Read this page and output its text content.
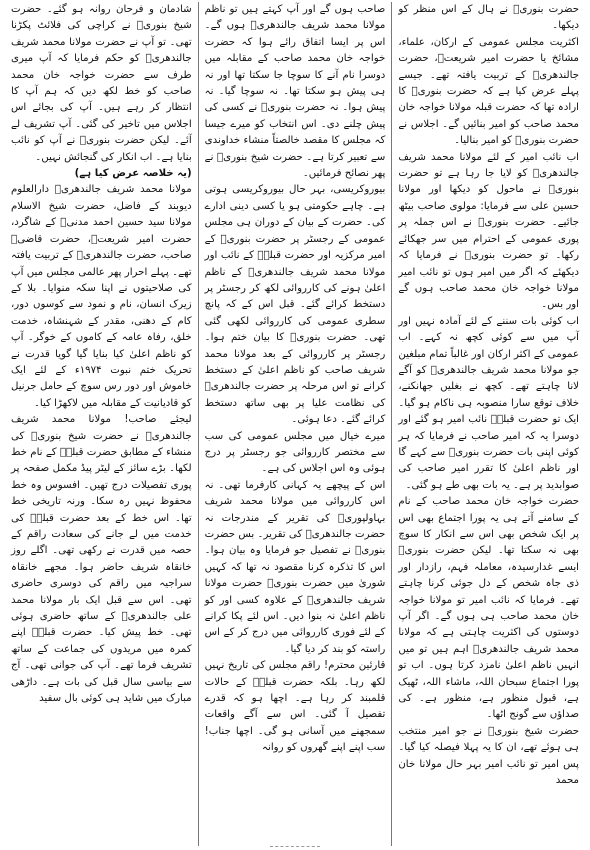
حضرت بنوریؒ نے ہال کے اس منظر کو دیکھا۔

اکثریت مجلس عمومی کے ارکان، علماء، مشائخ یا حضرت امیر شریعتؒ، حضرت جالندھریؒ کے تربیت یافتہ تھے۔ جیسے پہلے عرض کیا ہے کہ حضرت بنوریؒ کا ارادہ تھا کہ حضرت قبلہ مولانا خواجہ خان محمد صاحب کو امیر بنائیں گے۔ اجلاس نے حضرت بنوریؒ کو امیر بنالیا۔

اب نائب امیر کے لئے مولانا محمد شریف جالندھریؒ کو لایا جا رہا ہے تو حضرت بنوریؒ نے ماحول کو دیکھا اور مولانا حسین علی سے فرمایا: مولوی صاحب بیٹھ جائیے۔ حضرت بنوریؒ نے اس جملہ پر پوری عمومی کے احترام میں سر جھکائے رکھا۔ تو حضرت بنوریؒ نے فرمایا کہ دیکھئے کہ اگر میں امیر ہوں تو نائب امیر مولانا خواجہ خان محمد صاحب ہوں گے اور بس۔

اب کوئی بات سننے کے لئے آمادہ نہیں اور آپ میں سے کوئی کچھ نہ کہے۔ اب عمومی کے اکثر ارکان اور غالباً تمام مبلغین جو مولانا محمد شریف جالندھریؒ کو آگے لانا چاہتے تھے۔ کچھ نے بغلیں جھانکنے، خلاف توقع سارا منصوبہ ہی ناکام ہو گیا۔ ایک تو حضرت قبلہؒ نائب امیر ہو گئے اور دوسرا یہ کہ امیر صاحب نے فرمایا کہ ہر کوئی اپنی بات حضرت بنوریؒ سے کہے گا اور ناظم اعلیٰ کا تقرر امیر صاحب کی صوابدید پر ہے۔ یہ بات بھی طے ہو گئی۔

حضرت خواجہ خان محمد صاحب کے نام کے سامنے آتے ہی یہ پورا اجتماع بھی اس پر ایک شخص بھی اس سے انکار کا سوچ بھی نہ سکتا تھا۔ لیکن حضرت بنوریؒ ایسے غدارسیدہ، معاملہ فہم، رازدار اور ذی جاہ شخص کے دل جوئی کرنا چاہتے تھے۔ فرمایا کہ نائب امیر تو مولانا خواجہ خان محمد صاحب ہی ہوں گے۔ اگر آپ دوستوں کی اکثریت چاہتی ہے کہ مولانا محمد شریف جالندھریؒ اہم ہیں تو میں انہیں ناظم اعلیٰ نامزد کرتا ہوں۔ اب تو پورا اجتماع سبحان اللہ، ماشاء اللہ، ٹھیک ہے، قبول منظور ہے، منظور ہے۔ کی صداؤں سے گونج اٹھا۔

حضرت شیخ بنوریؒ نے جو امیر منتخب ہی ہوئے تھے، ان کا یہ پہلا فیصلہ کیا گیا۔ پس امیر تو نائب امیر بہر حال مولانا خان محمد

صاحب ہوں گے اور آپ کہتے ہیں تو ناظم مولانا محمد شریف جالندھریؒ ہوں گے۔ اس پر ایسا اتفاق رائے ہوا کہ حضرت خواجہ خان محمد صاحب کے مقابلہ میں دوسرا نام آنے کا سوچا جا سکتا تھا اور نہ ہی پیش ہو سکتا تھا۔ نہ سوچا گیا۔ نہ پیش ہوا۔ نہ حضرت بنوریؒ نے کسی کی پیش چلنے دی۔ اس انتخاب کو میرے جیسا کہ مجلس کا مقصد خالصتاً منشاء خداوندی سے تعبیر کرتا ہے۔ حضرت شیخ بنوریؒ نے پھر نصائح فرمائیں۔

بیوروکریسی، بہر حال بیوروکریسی ہوتی ہے۔ چاہے حکومتی ہو یا کسی دینی ادارے کی۔ حضرت کے بیان کے دوران ہی مجلس عمومی کے رجسٹر پر حضرت بنوریؒ کے امیر مرکزیہ اور حضرت قبلہؒ کے نائب اور مولانا محمد شریف جالندھریؒ کے ناظم اعلیٰ ہونے کی کارروائی لکھ کر رجسٹر پر دستخط کرائے گئے۔ قبل اس کے کہ پانچ سطری عمومی کی کارروائی لکھی گئی تھی۔ حضرت بنوریؒ کا بیان ختم ہوا۔ رجسٹر پر کارروائی کے بعد مولانا محمد شریف صاحب کو ناظم اعلیٰ کے دستخط کرانے تو اس مرحلہ پر حضرت جالندھریؒ کی نظامت علیا پر بھی ساتھ دستخط کرائے گئے۔ دعا ہوئی۔

میرے خیال میں مجلس عمومی کی سب سے مختصر کارروائی جو رجسٹر پر درج ہوئی وہ اس اجلاس کی ہے۔

اس کے پیچھے یہ کہانی کارفرما تھی۔ نہ اس کارروائی میں مولانا محمد شریف بہاولپوریؒ کی تقریر کے مندرجات نہ حضرت جالندھریؒ کی تقریر۔ بس حضرت بنوریؒ نے تفصیل جو فرمایا وہ بیان ہوا۔ اس کا تذکرہ کرنا مقصود نہ تھا کہ کہیں شوریٰ میں حضرت بنوریؒ حضرت مولانا شریف جالندھریؒ کے علاوہ کسی اور کو ناظم اعلیٰ نہ بنوا دیں۔ اس لئے پکا کرانے کے لئے فوری کارروائی میں درج کر کے اس راستہ کو بند کر دیا گیا۔

قارئین محترم! راقم مجلس کی تاریخ نہیں لکھ رہا۔ بلکہ حضرت قبلہؒ کے حالات قلمبند کر رہا ہے۔ اچھا ہو کہ قدرے تفصیل آ گئی۔ اس سے آگے واقعات سمجھنے میں آسانی ہو گی۔ اچھا جناب! سب اپنے اپنے گھروں کو روانہ

شادمان و فرحان روانہ ہو گئے۔ حضرت شیخ بنوریؒ نے کراچی کی فلائٹ پکڑنا تھی۔ تو آپ نے حضرت مولانا محمد شریف جالندھریؒ کو حکم فرمایا کہ آپ میری طرف سے حضرت خواجہ خان محمد صاحب کو خط لکھ دیں کہ ہم آپ کا انتظار کر رہے ہیں۔ آپ کی بجائے اس اجلاس میں تاخیر کی گئی۔ آپ تشریف لے آئے۔ لیکن حضرت بنوریؒ نے آپ کو نائب بنایا ہے۔ اب انکار کی گنجائش نہیں۔

(یہ خلاصہ عرض کیا ہے)

مولانا محمد شریف جالندھریؒ دارالعلوم دیوبند کے فاضل، حضرت شیخ الاسلام مولانا سید حسین احمد مدنیؒ کے شاگرد، حضرت امیر شریعتؒ، حضرت قاضیؒ صاحب، حضرت جالندھریؒ کے تربیت یافتہ تھے۔ پہلے احرار پھر عالمی مجلس میں آپ کی صلاحیتوں نے اپنا سکہ منوایا۔ بلا کے زیرک انسان، نام و نمود سے کوسوں دور، کام کے دھنی، مقدر کے شہنشاہ، خدمت خلق، رفاہ عامہ کے کاموں کے خوگر۔ آپ کو ناظم اعلیٰ کیا بنایا گیا گویا قدرت نے تحریک ختم نبوت ۱۹۷۴ء کے لئے ایک خاموش اور دور رس سوچ کے حامل جرنیل کو قادیانیت کے مقابلہ میں لاکھڑا کیا۔

لیجئے صاحب! مولانا محمد شریف جالندھریؒ نے حضرت شیخ بنوریؒ کی منشاء کے مطابق حضرت قبلہؒ کے نام خط لکھا۔ بڑے سائز کے لیٹر پیڈ مکمل صفحہ پر پوری تفصیلات درج تھیں۔ افسوس وہ خط محفوظ نہیں رہ سکا۔ ورنہ تاریخی خط تھا۔ اس خط کے بعد حضرت قبلہؒ کی خدمت میں لے جانے کی سعادت راقم کے حصہ میں قدرت نے رکھی تھی۔ اگلے روز خانقاہ شریف حاضر ہوا۔ مجھے خانقاہ سراجیہ میں راقم کی دوسری حاضری تھی۔ اس سے قبل ایک بار مولانا محمد علی جالندھریؒ کے ساتھ حاضری ہوئی تھی۔ خط پیش کیا۔ حضرت قبلہؒ اپنے کمرہ میں مریدوں کی جماعت کے ساتھ تشریف فرما تھے۔ آپ کی جوانی تھی۔ آج سے بیاسی سال قبل کی بات ہے۔ داڑھی مبارک میں شاید ہی کوئی بال سفید
